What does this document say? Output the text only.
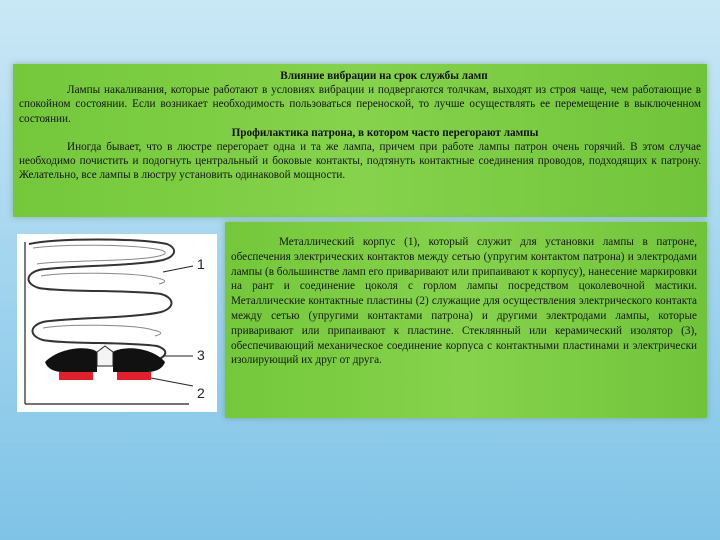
Влияние вибрации на срок службы ламп

Лампы накаливания, которые работают в условиях вибрации и подвергаются толчкам, выходят из строя чаще, чем работающие в спокойном состоянии. Если возникает необходимость пользоваться переноской, то лучше осуществлять ее перемещение в выключенном состоянии.

Профилактика патрона, в котором часто перегорают лампы

Иногда бывает, что в люстре перегорает одна и та же лампа, причем при работе лампы патрон очень горячий. В этом случае необходимо почистить и подогнуть центральный и боковые контакты, подтянуть контактные соединения проводов, подходящих к патрону. Желательно, все лампы в люстру установить одинаковой мощности.

1
3
2

Металлический корпус (1), который служит для установки лампы в патроне, обеспечения электрических контактов между сетью (упругим контактом патрона) и электродами лампы (в большинстве ламп его приваривают или припаивают к корпусу), нанесение маркировки на рант и соединение цоколя с горлом лампы посредством цоколевочной мастики. Металлические контактные пластины (2) служащие для осуществления электрического контакта между сетью (упругими контактами патрона) и другими электродами лампы, которые приваривают или припаивают к пластине. Стеклянный или керамический изолятор (3), обеспечивающий механическое соединение корпуса с контактными пластинами и электрически изолирующий их друг от друга.
